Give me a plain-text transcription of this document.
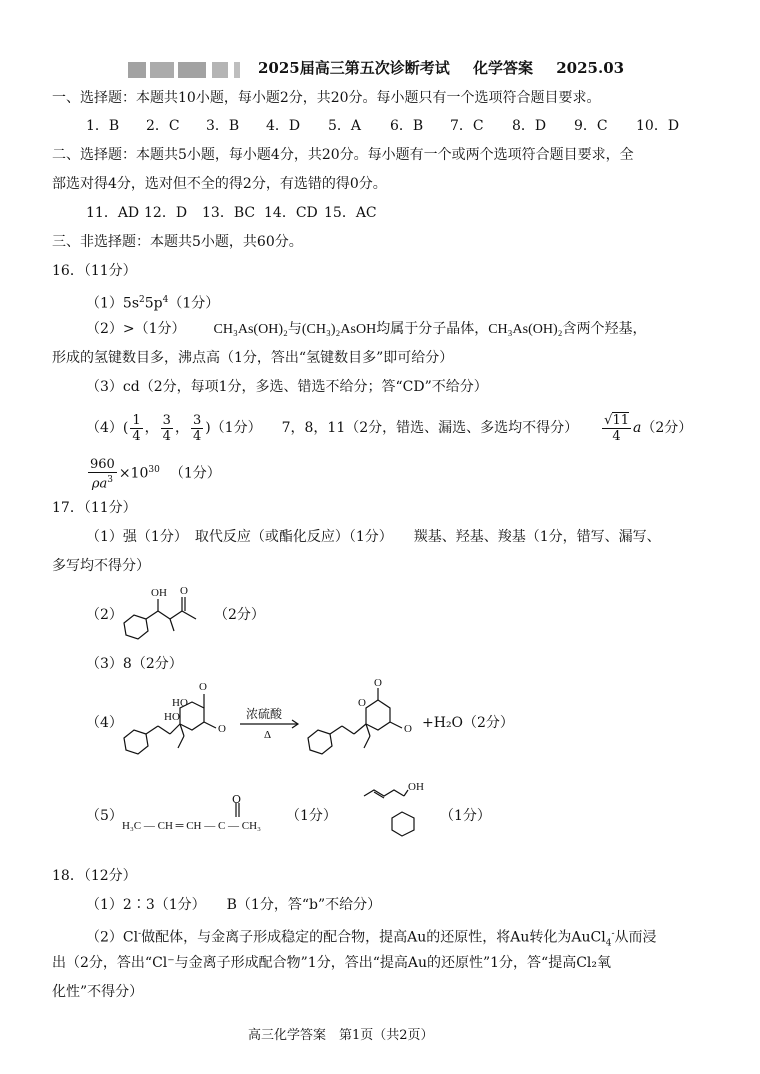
2025届高三第五次诊断考试 化学答案 2025.03
一、选择题：本题共10小题，每小题2分，共20分。每小题只有一个选项符合题目要求。
1．B 2．C 3．B 4．D 5．A 6．B 7．C 8．D 9．C 10．D
二、选择题：本题共5小题，每小题4分，共20分。每小题有一个或两个选项符合题目要求，全
部选对得4分，选对但不全的得2分，有选错的得0分。
11．AD 12．D 13．BC 14．CD 15．AC
三、非选择题：本题共5小题，共60分。
16．（11分）
$(1)5s^25p^4(1$分）
（2）>（1分） CH₃As(OH)₂与(CH₃)₂AsOH均属于分子晶体，CH₃As(OH)₂含两个羟基，
形成的氢键数目多，沸点高（1分，答出“氢键数目多”即可给分）
（3）cd（2分，每项1分，多选、错选不给分；答“CD”不给分）
$(4)( \frac{1}{4}$ ， $\frac{3}{4}$ ， $\frac{3}{4} )(1$分） 7，8，11（2分，错选、漏选、多选均不得分） $\frac{√11}{4} a(2$分）
$\frac{960}{\rho a^3} \times 10^{30}$ （1分）
17．（11分）
（1）强（1分）　取代反应（或酯化反应）（1分）　　羰基、羟基、羧基（1分，错写、漏写、
多写均不得分）
（2）
OH O
（2分）
（3）8（2分）
（4）
O
HO
HO
O
浓硫酸
Δ
O
O
O +H₂O（2分）
（5）
H₃C — CH ═ CH — C — CH₃
O
（1分）
OH
（1分）
18．（12分）
（1）2∶3（1分）　　B（1分，答“b”不给分）
（2）Cl-做配体，与金离子形成稳定的配合物，提高Au的还原性，将Au转化为AuCl$_4$-从而浸
出（2分，答出“Cl⁻与金离子形成配合物”1分，答出“提高Au的还原性”1分，答“提高Cl₂氧
化性”不得分）
高三化学答案　第1页（共2页）
